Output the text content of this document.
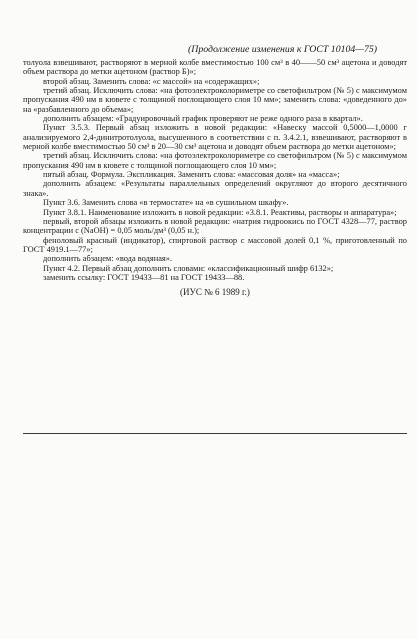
(Продолжение изменения к ГОСТ 10104—75)

толуола взвешивают, растворяют в мерной колбе вместимостью 100 см³ в 40——50 см³ ацетона и доводят объем раствора до метки ацетоном (раствор Б)»;

второй абзац. Заменить слова: «с массой» на «содержащих»;

третий абзац. Исключить слова: «на фотоэлектроколориметре со светофильтром (№ 5) с максимумом пропускания 490 нм в кювете с толщиной поглощающего слоя 10 мм»; заменить слова: «доведенного до» на «разбавленного до объема»;

дополнить абзацем: «Градуировочный график проверяют не реже одного раза в квартал».

Пункт 3.5.3. Первый абзац изложить в новой редакции: «Навеску массой 0,5000—1,0000 г анализируемого 2,4-динитротолуола, высушенного в соответствии с п. 3.4.2.1, взвешивают, растворяют в мерной колбе вместимостью 50 см³ в 20—30 см³ ацетона и доводят объем раствора до метки ацетоном»;

третий абзац. Исключить слова: «на фотоэлектроколориметре со светофильтром (№ 5) с максимумом пропускания 490 нм в кювете с толщиной поглощающего слоя 10 мм»;

пятый абзац. Формула. Экспликация. Заменить слова: «массовая доля» на «масса»;

дополнить абзацем: «Результаты параллельных определений округляют до второго десятичного знака».

Пункт 3.6. Заменить слова «в термостате» на «в сушильном шкафу».

Пункт 3.8.1. Наименование изложить в новой редакции: «3.8.1. Реактивы, растворы и аппаратура»;

первый, второй абзацы изложить в новой редакции: «натрия гидроокись по ГОСТ 4328—77, раствор концентрации с (NaOH) = 0,05 моль/дм³ (0,05 н.);

феноловый красный (индикатор), спиртовой раствор с массовой долей 0,1 %, приготовленный по ГОСТ 4919.1—77»;

дополнить абзацем: «вода водяная».

Пункт 4.2. Первый абзац дополнить словами: «классификационный шифр 6132»;

заменить ссылку: ГОСТ 19433—81 на ГОСТ 19433—88.

(ИУС № 6 1989 г.)
